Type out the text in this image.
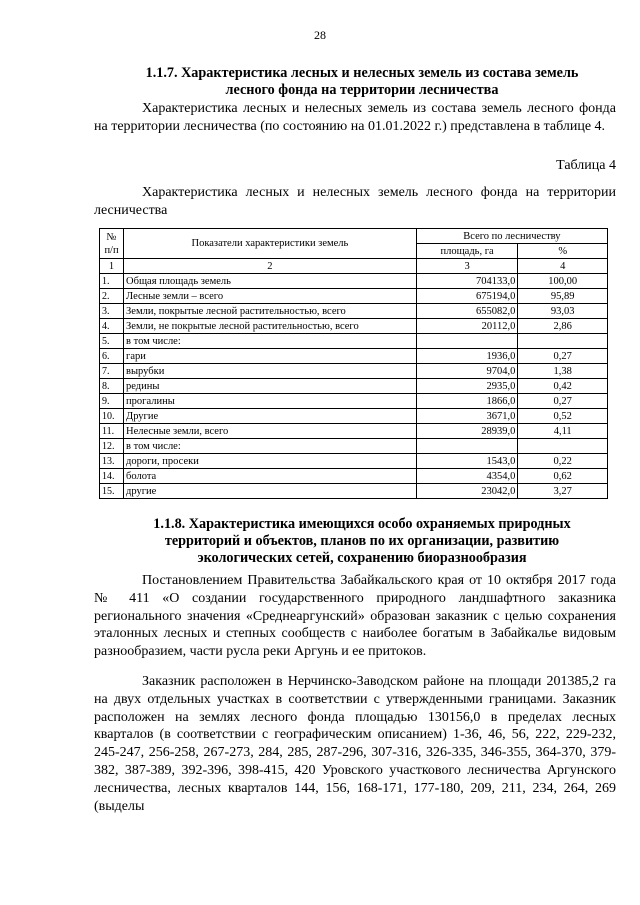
28
1.1.7. Характеристика лесных и нелесных земель из состава земель
лесного фонда на территории лесничества

Характеристика лесных и нелесных земель из состава земель лесного фонда на территории лесничества (по состоянию на 01.01.2022 г.) представлена в таблице 4.

Таблица 4
Характеристика лесных и нелесных земель лесного фонда на территории лесничества
№ п/п	Показатели характеристики земель	Всего по лесничеству	
		площадь, га	%
1	2	3	4
1.	Общая площадь земель	704133,0	100,00
2.	Лесные земли – всего	675194,0	95,89
3.	Земли, покрытые лесной растительностью, всего	655082,0	93,03
4.	Земли, не покрытые лесной растительностью, всего	20112,0	2,86
5.	в том числе:		
6.	гари	1936,0	0,27
7.	вырубки	9704,0	1,38
8.	редины	2935,0	0,42
9.	прогалины	1866,0	0,27
10.	Другие	3671,0	0,52
11.	Нелесные земли, всего	28939,0	4,11
12.	в том числе:		
13.	дороги, просеки	1543,0	0,22
14.	болота	4354,0	0,62
15.	другие	23042,0	3,27
1.1.8. Характеристика имеющихся особо охраняемых природных
территорий и объектов, планов по их организации, развитию
экологических сетей, сохранению биоразнообразия

Постановлением Правительства Забайкальского края от 10 октября 2017 года № 411 «О создании государственного природного ландшафтного заказника регионального значения «Среднеаргунский» образован заказник с целью сохранения эталонных лесных и степных сообществ с наиболее богатым в Забайкалье видовым разнообразием, части русла реки Аргунь и ее притоков.

Заказник расположен в Нерчинско-Заводском районе на площади 201385,2 га на двух отдельных участках в соответствии с утвержденными границами. Заказник расположен на землях лесного фонда площадью 130156,0 в пределах лесных кварталов (в соответствии с географическим описанием) 1-36, 46, 56, 222, 229-232, 245-247, 256-258, 267-273, 284, 285, 287-296, 307-316, 326-335, 346-355, 364-370, 379-382, 387-389, 392-396, 398-415, 420 Уровского участкового лесничества Аргунского лесничества, лесных кварталов 144, 156, 168-171, 177-180, 209, 211, 234, 264, 269 (выделы
